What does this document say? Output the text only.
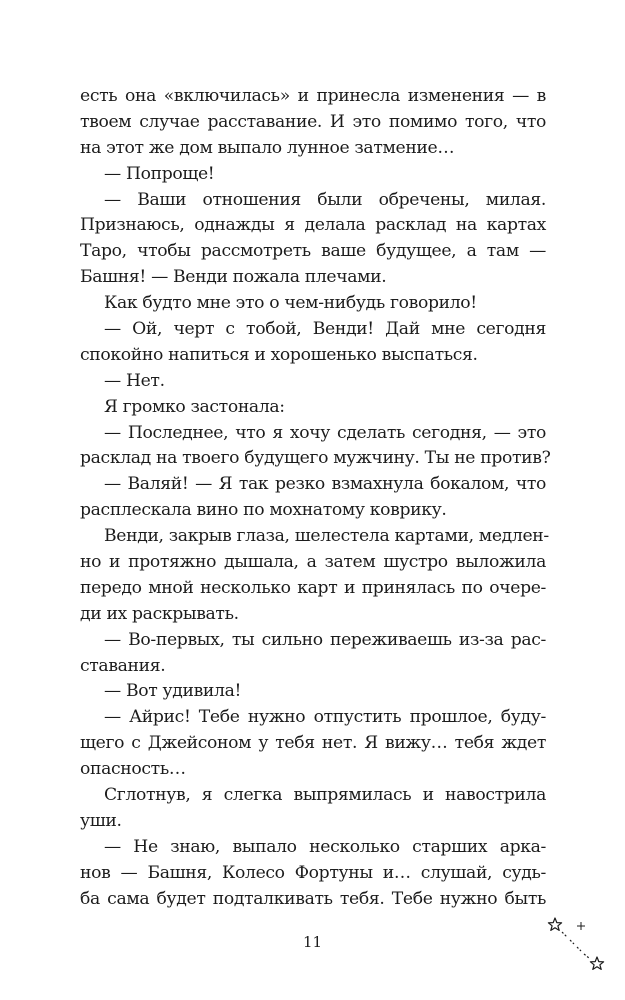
есть она «включилась» и принесла изменения — в
твоем случае расставание. И это помимо того, что
на этот же дом выпало лунное затмение…
— Попроще!
— Ваши отношения были обречены, милая.
Признаюсь, однажды я делала расклад на картах
Таро, чтобы рассмотреть ваше будущее, а там —
Башня! — Венди пожала плечами.
Как будто мне это о чем-нибудь говорило!
— Ой, черт с тобой, Венди! Дай мне сегодня
спокойно напиться и хорошенько выспаться.
— Нет.
Я громко застонала:
— Последнее, что я хочу сделать сегодня, — это
расклад на твоего будущего мужчину. Ты не против?
— Валяй! — Я так резко взмахнула бокалом, что
расплескала вино по мохнатому коврику.
Венди, закрыв глаза, шелестела картами, медлен-
но и протяжно дышала, а затем шустро выложила
передо мной несколько карт и принялась по очере-
ди их раскрывать.
— Во-первых, ты сильно переживаешь из-за рас-
ставания.
— Вот удивила!
— Айрис! Тебе нужно отпустить прошлое, буду-
щего с Джейсоном у тебя нет. Я вижу… тебя ждет
опасность…
Сглотнув, я слегка выпрямилась и навострила
уши.
— Не знаю, выпало несколько старших арка-
нов — Башня, Колесо Фортуны и… слушай, судь-
ба сама будет подталкивать тебя. Тебе нужно быть
11
